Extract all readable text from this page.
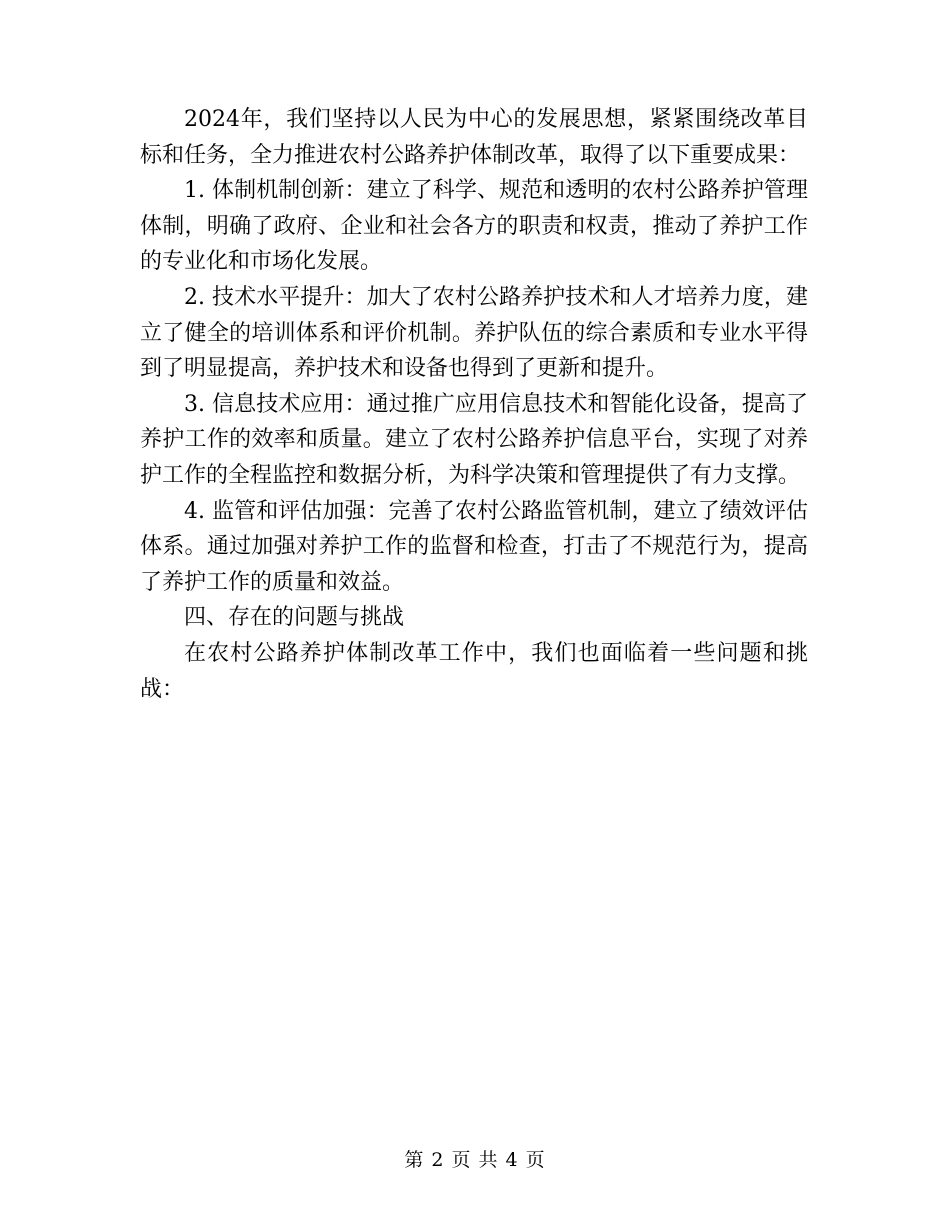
2024年，我们坚持以人民为中心的发展思想，紧紧围绕改革目标和任务，全力推进农村公路养护体制改革，取得了以下重要成果：

1. 体制机制创新：建立了科学、规范和透明的农村公路养护管理体制，明确了政府、企业和社会各方的职责和权责，推动了养护工作的专业化和市场化发展。

2. 技术水平提升：加大了农村公路养护技术和人才培养力度，建立了健全的培训体系和评价机制。养护队伍的综合素质和专业水平得到了明显提高，养护技术和设备也得到了更新和提升。

3. 信息技术应用：通过推广应用信息技术和智能化设备，提高了养护工作的效率和质量。建立了农村公路养护信息平台，实现了对养护工作的全程监控和数据分析，为科学决策和管理提供了有力支撑。

4. 监管和评估加强：完善了农村公路监管机制，建立了绩效评估体系。通过加强对养护工作的监督和检查，打击了不规范行为，提高了养护工作的质量和效益。

四、存在的问题与挑战

在农村公路养护体制改革工作中，我们也面临着一些问题和挑战：

第 2 页 共 4 页
